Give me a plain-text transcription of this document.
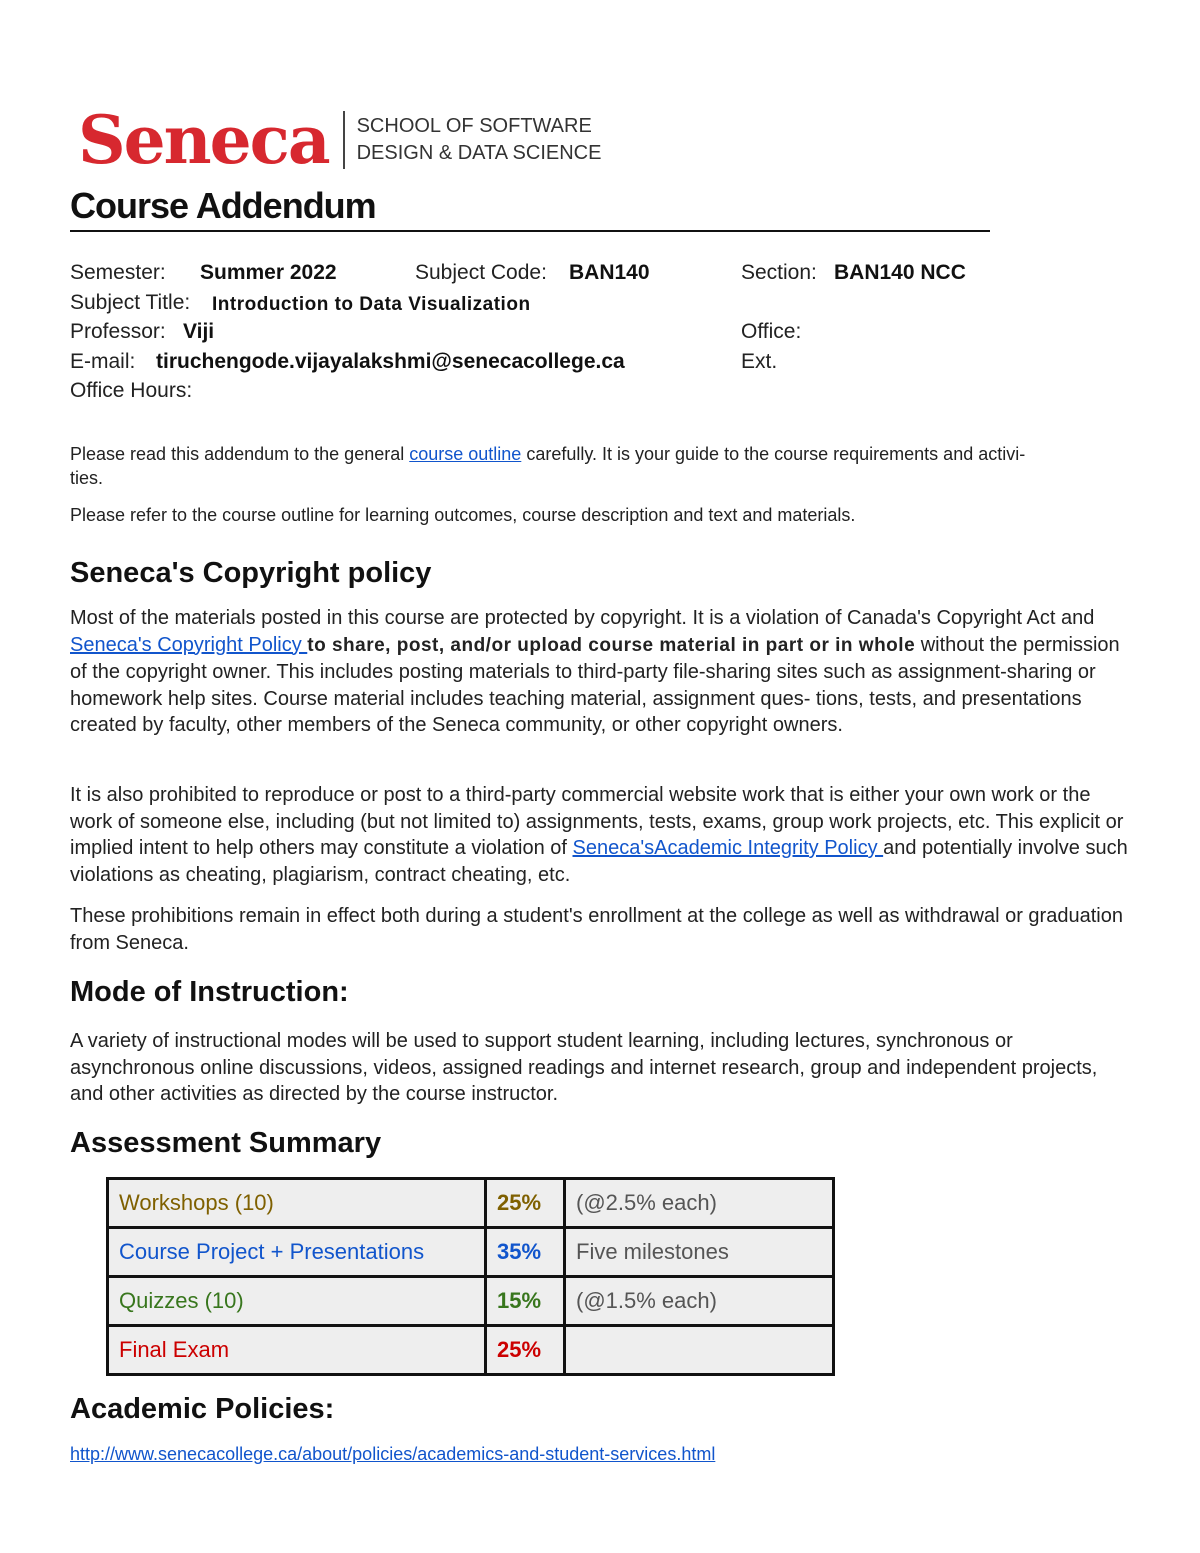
Seneca SCHOOL OF SOFTWARE
DESIGN & DATA SCIENCE
Course Addendum
Semester: Summer 2022	Subject Code: BAN140	Section: BAN140 NCC
Subject Title: Introduction to Data Visualization
Professor: Viji	Office:
E-mail: tiruchengode.vijayalakshmi@senecacollege.ca	Ext.
Office Hours:
Please read this addendum to the general course outline carefully. It is your guide to the course requirements and activi-
ties.
Please refer to the course outline for learning outcomes, course description and text and materials.
Seneca's Copyright policy
Most of the materials posted in this course are protected by copyright. It is a violation of Canada's Copyright Act and Seneca's Copyright Policy to share, post, and/or upload course material in part or in whole without the permission of the copyright owner. This includes posting materials to third-party file-sharing sites such as assignment-sharing or homework help sites. Course material includes teaching material, assignment ques- tions, tests, and presentations created by faculty, other members of the Seneca community, or other copyright owners.
It is also prohibited to reproduce or post to a third-party commercial website work that is either your own work or the work of someone else, including (but not limited to) assignments, tests, exams, group work projects, etc. This explicit or implied intent to help others may constitute a violation of Seneca'sAcademic Integrity Policy and potentially involve such violations as cheating, plagiarism, contract cheating, etc.
These prohibitions remain in effect both during a student's enrollment at the college as well as withdrawal or graduation from Seneca.
Mode of Instruction:
A variety of instructional modes will be used to support student learning, including lectures, synchronous or asynchronous online discussions, videos, assigned readings and internet research, group and independent projects, and other activities as directed by the course instructor.
Assessment Summary
Workshops (10)	25%	(@2.5% each)
Course Project + Presentations	35%	Five milestones
Quizzes (10)	15%	(@1.5% each)
Final Exam	25%	
Academic Policies:
http://www.senecacollege.ca/about/policies/academics-and-student-services.html
